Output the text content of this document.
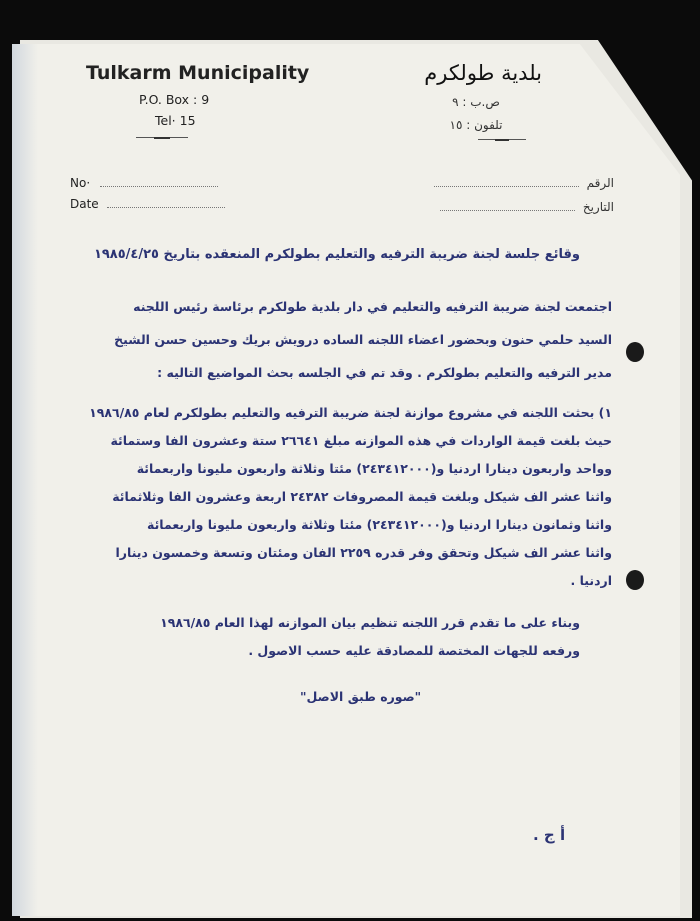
Tulkarm Municipality
P.O. Box : 9
Tel· 15
بلدية طولكرم
ص.ب : ٩
تلفون : ١٥
No·
Date
الرقم
التاريخ
وقائع جلسة لجنة ضريبة الترفيه والتعليم بطولكرم المنعقده بتاريخ ١٩٨٥/٤/٢٥
اجتمعت لجنة ضريبة الترفيه والتعليم في دار بلدية طولكرم برئاسة رئيس اللجنه
السيد حلمي حنون وبحضور اعضاء اللجنه الساده درويش بريك وحسين حسن الشيخ
مدير الترفيه والتعليم بطولكرم . وقد تم في الجلسه بحث المواضيع التاليه :
١) بحثت اللجنه في مشروع موازنة لجنة ضريبة الترفيه والتعليم بطولكرم لعام ١٩٨٦/٨٥
حيث بلغت قيمة الواردات في هذه الموازنه مبلغ ٢٦٦٤١ ستة وعشرون الفا وستمائة
وواحد واربعون دينارا اردنيا و(٢٤٣٤١٢٠٠٠) مئتا وثلاثة واربعون مليونا واربعمائة
واثنا عشر الف شيكل وبلغت قيمة المصروفات ٢٤٣٨٢ اربعة وعشرون الفا وثلاثمائة
واثنا وثمانون دينارا اردنيا و(٢٤٣٤١٢٠٠٠) مئتا وثلاثة واربعون مليونا واربعمائة
واثنا عشر الف شيكل وتحقق وفر قدره ٢٢٥٩ الفان ومئتان وتسعة وخمسون دينارا
اردنيا .
وبناء على ما تقدم قرر اللجنه تنظيم بيان الموازنه لهذا العام ١٩٨٦/٨٥
ورفعه للجهات المختصة للمصادقة عليه حسب الاصول .
"صوره طبق الاصل"
أ ج .
